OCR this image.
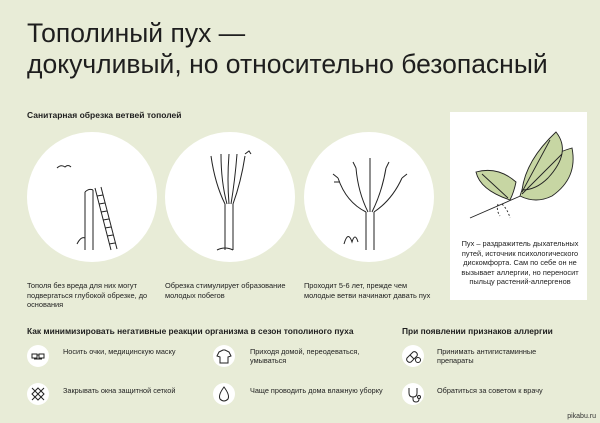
Тополиный пух —
докучливый, но относительно безопасный
Санитарная обрезка ветвей тополей
Тополя без вреда для них могут подвергаться глубокой обрезке, до основания
Обрезка стимулирует образование молодых побегов
Проходит 5-6 лет, прежде чем молодые ветви начинают давать пух
Пух – раздражитель дыхательных путей, источник психологического дискомфорта. Сам по себе он не вызывает аллергии, но переносит пыльцу растений-аллергенов
Как минимизировать негативные реакции организма в сезон тополиного пуха	При появлении признаков аллергии
Носить очки, медицинскую маску	Приходя домой, переодеваться, умываться
Закрывать окна защитной сеткой	Чаще проводить дома влажную уборку
Принимать антигистаминные препараты
Обратиться за советом к врачу
pikabu.ru
